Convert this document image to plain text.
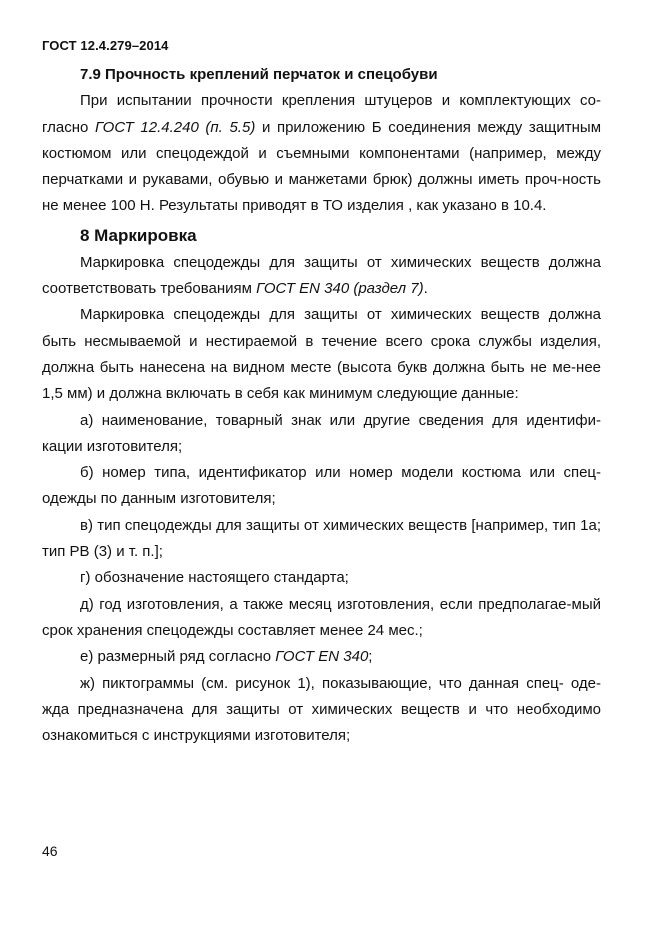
ГОСТ 12.4.279–2014
7.9 Прочность креплений перчаток и спецобуви

При испытании прочности крепления штуцеров и комплектующих со-гласно ГОСТ 12.4.240 (п. 5.5) и приложению Б соединения между защитным костюмом или спецодеждой и съемными компонентами (например, между перчатками и рукавами, обувью и манжетами брюк) должны иметь проч-ность не менее 100 Н. Результаты приводят в ТО изделия , как указано в 10.4.

8 Маркировка

Маркировка спецодежды для защиты от химических веществ должна соответствовать требованиям ГОСТ EN 340 (раздел 7).

Маркировка спецодежды для защиты от химических веществ должна быть несмываемой и нестираемой в течение всего срока службы изделия, должна быть нанесена на видном месте (высота букв должна быть не ме-нее 1,5 мм) и должна включать в себя как минимум следующие данные:

а) наименование, товарный знак или другие сведения для идентифи-кации изготовителя;

б) номер типа, идентификатор или номер модели костюма или спец-одежды по данным изготовителя;

в) тип спецодежды для защиты от химических веществ [например, тип 1а; тип PB (3) и т. п.];

г) обозначение настоящего стандарта;

д) год изготовления, а также месяц изготовления, если предполагае-мый срок хранения спецодежды составляет менее 24 мес.;

е) размерный ряд согласно ГОСТ EN 340;

ж) пиктограммы (см. рисунок 1), показывающие, что данная спец- оде-жда предназначена для защиты от химических веществ и что необходимо ознакомиться с инструкциями изготовителя;

46
